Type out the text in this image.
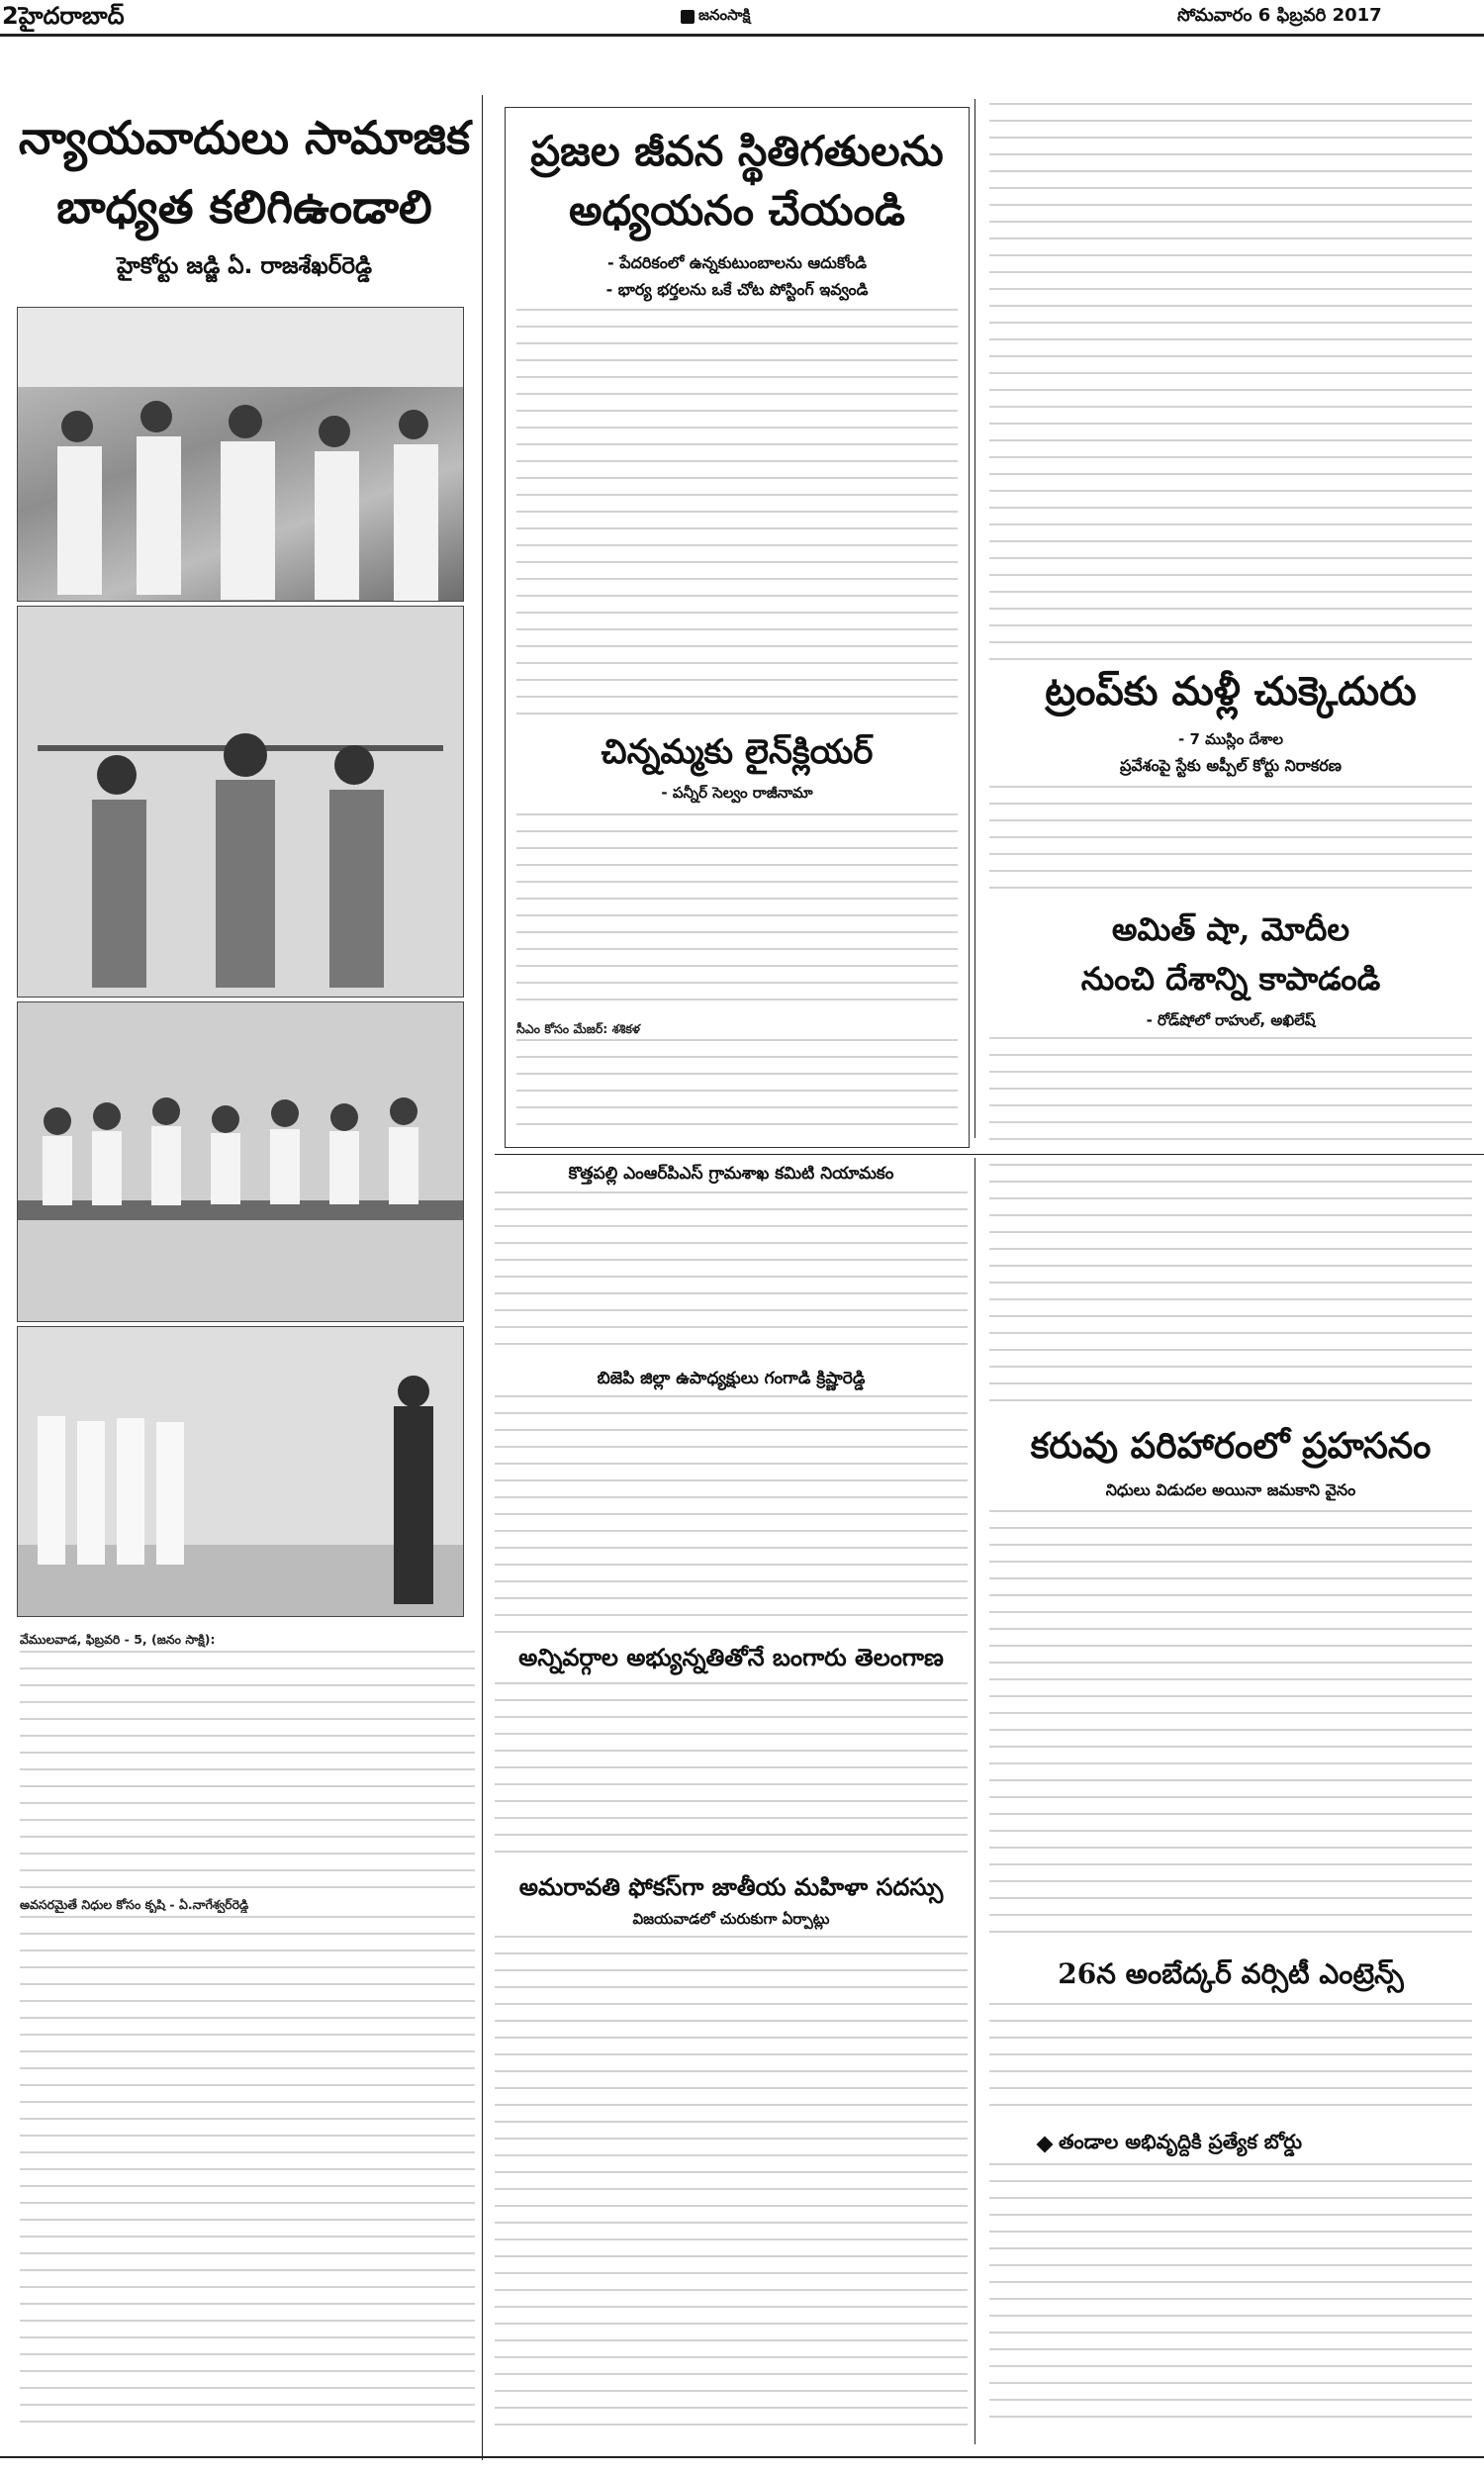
2హైదరాబాద్	జనంసాక్షి	సోమవారం 6 ఫిబ్రవరి 2017
న్యాయవాదులు సామాజిక
బాధ్యత కలిగిఉండాలి
హైకోర్టు జడ్జి ఏ. రాజశేఖర్‌రెడ్డి
వేములవాడ, ఫిబ్రవరి - 5, (జనం సాక్షి):
అవసరమైతే నిధుల కోసం కృషి - ఏ.నాగేశ్వర్‌రెడ్డి
ప్రజల జీవన స్థితిగతులను
అధ్యయనం చేయండి
- పేదరికంలో ఉన్నకుటుంబాలను ఆదుకోండి
- భార్య భర్తలను ఒకే చోట పోస్టింగ్ ఇవ్వండి
చిన్నమ్మకు లైన్‌క్లియర్
- పన్నీర్ సెల్వం రాజీనామా
సీఎం కోసం మేజర్: శశికళ
ట్రంప్‌కు మళ్లీ చుక్కెదురు
- 7 ముస్లిం దేశాల
ప్రవేశంపై స్టేకు అప్పీల్ కోర్టు నిరాకరణ
అమిత్ షా, మోదీల
నుంచి దేశాన్ని కాపాడండి
- రోడ్‌షోలో రాహుల్, అఖిలేష్
కొత్తపల్లి ఎంఆర్‌పిఎస్ గ్రామశాఖ కమిటి నియామకం
బిజెపి జిల్లా ఉపాధ్యక్షులు గంగాడి క్రిష్ణారెడ్డి
అన్నివర్గాల అభ్యున్నతితోనే బంగారు తెలంగాణ
అమరావతి ఫోకస్‌గా జాతీయ మహిళా సదస్సు
విజయవాడలో చురుకుగా ఏర్పాట్లు
కరువు పరిహారంలో ప్రహసనం
నిధులు విడుదల అయినా జమకాని వైనం
26న అంబేద్కర్ వర్సిటీ ఎంట్రెన్స్
తండాల అభివృద్దికి ప్రత్యేక బోర్డు
